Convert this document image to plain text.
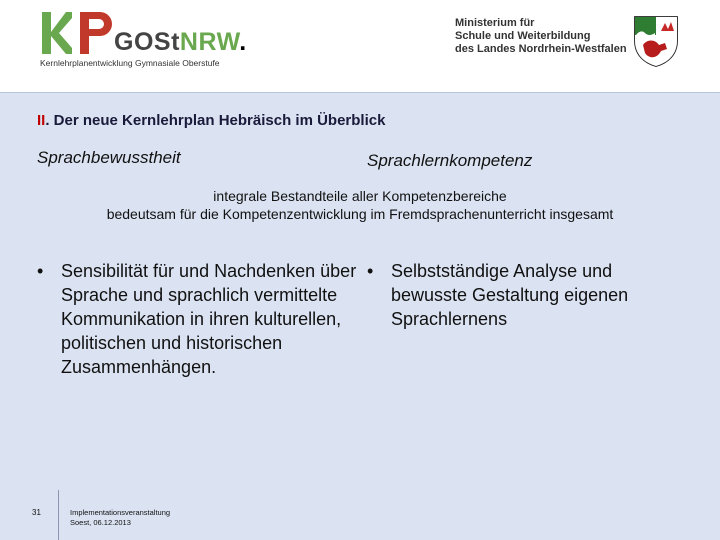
GOStNRW.
Kernlehrplanentwicklung Gymnasiale Oberstufe
Ministerium für
Schule und Weiterbildung
des Landes Nordrhein-Westfalen
II. Der neue Kernlehrplan Hebräisch im Überblick
Sprachbewusstheit	Sprachlernkompetenz
integrale Bestandteile aller Kompetenzbereiche
bedeutsam für die Kompetenzentwicklung im Fremdsprachenunterricht insgesamt
• Sensibilität für und Nachdenken über Sprache und sprachlich vermittelte Kommunikation in ihren kulturellen, politischen und historischen Zusammenhängen.
• Selbstständige Analyse und bewusste Gestaltung eigenen Sprachlernens
31	Implementationsveranstaltung
Soest, 06.12.2013
